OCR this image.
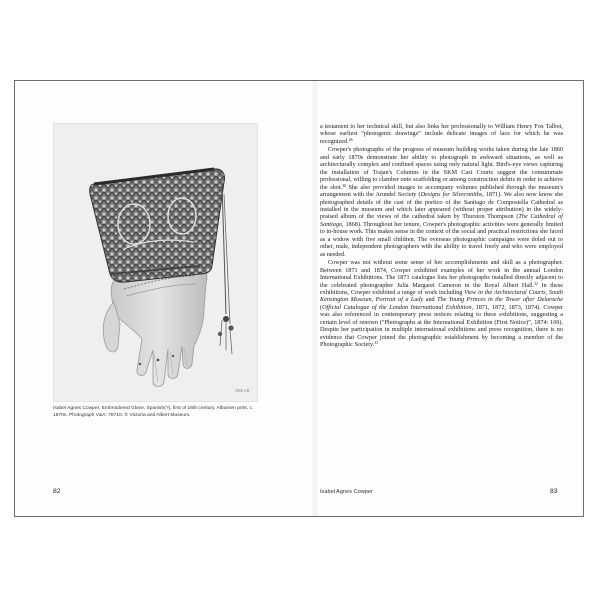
1856 CB
Isabel Agnes Cowper, Embroidered Glove, Spanish(?), first of 16th century. Albumen print, c. 1870s. Photograph V&A: 78710. © Victoria and Albert Museum.
82

a testament to her technical skill, but also links her professionally to William Henry Fox Talbot, whose earliest “photogenic drawings” include delicate images of lace for which he was recognized.$^{26}$

Cowper's photographs of the progress of museum building works taken during the late 1860 and early 1870s demonstrate her ability to photograph in awkward situations, as well as architecturally complex and confined spaces using only natural light. Bird's-eye views capturing the installation of Trajan's Columns in the SKM Cast Courts suggest the consummate professional, willing to clamber onto scaffolding or among construction debris in order to achieve the shot.$^{30}$ She also provided images to accompany volumes published through the museum's arrangement with the Arundel Society (Designs for Silversmiths, 1871). We also now know she photographed details of the cast of the portico of the Santiago de Compostella Cathedral as installed in the museum and which later appeared (without proper attribution) in the widely-praised album of the views of the cathedral taken by Thurston Thompson (The Cathedral of Santiago, 1868). Throughout her tenure, Cowper's photographic activities were generally limited to in-house work. This makes sense in the context of the social and practical restrictions she faced as a widow with five small children. The overseas photographic campaigns were doled out to other, male, independent photographers with the ability to travel freely and who were employed as needed.

Cowper was not without some sense of her accomplishments and skill as a photographer. Between 1871 and 1874, Cowper exhibited examples of her work in the annual London International Exhibitions. The 1871 catalogue lists her photographs installed directly adjacent to the celebrated photographer Julia Margaret Cameron in the Royal Albert Hall.$^{32}$ In these exhibitions, Cowper exhibited a range of work including View in the Architectural Courts, South Kensington Museum, Portrait of a Lady and The Young Princes in the Tower after Delaroche (Official Catalogue of the London International Exhibition, 1871, 1872, 1873, 1874). Cowper was also referenced in contemporary press notices relating to these exhibitions, suggesting a certain level of renown (“Photographs at the International Exhibition (First Notice)”, 1874: 169). Despite her participation in multiple international exhibitions and press recognition, there is no evidence that Cowper joined the photographic establishment by becoming a member of the Photographic Society.$^{33}$

Isabel Agnes Cowper	83
